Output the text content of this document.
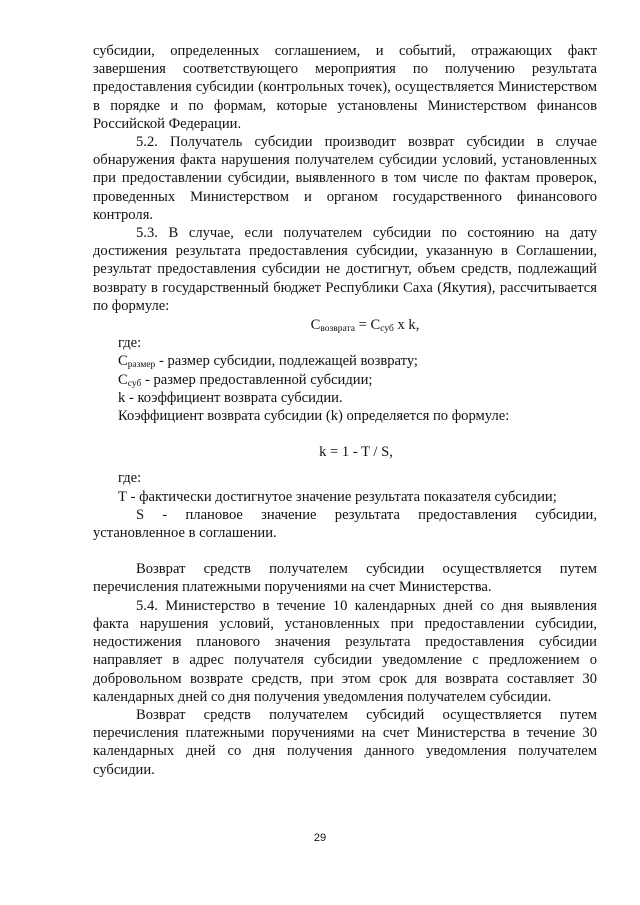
субсидии, определенных соглашением, и событий, отражающих факт завершения соответствующего мероприятия по получению результата предоставления субсидии (контрольных точек), осуществляется Министерством в порядке и по формам, которые установлены Министерством финансов Российской Федерации.

5.2. Получатель субсидии производит возврат субсидии в случае обнаружения факта нарушения получателем субсидии условий, установленных при предоставлении субсидии, выявленного в том числе по фактам проверок, проведенных Министерством и органом государственного финансового контроля.

5.3. В случае, если получателем субсидии по состоянию на дату достижения результата предоставления субсидии, указанную в Соглашении, результат предоставления субсидии не достигнут, объем средств, подлежащий возврату в государственный бюджет Республики Саха (Якутия), рассчитывается по формуле:

$С_{возврата} = С_{суб}$ x k,

где:

$С_{размер}$ - размер субсидии, подлежащей возврату;

$С_{суб}$ - размер предоставленной субсидии;

k - коэффициент возврата субсидии.

Коэффициент возврата субсидии (k) определяется по формуле:

k = 1 - T / S,

где:

Т - фактически достигнутое значение результата показателя субсидии;

S - плановое значение результата предоставления субсидии, установленное в соглашении.

Возврат средств получателем субсидии осуществляется путем перечисления платежными поручениями на счет Министерства.

5.4. Министерство в течение 10 календарных дней со дня выявления факта нарушения условий, установленных при предоставлении субсидии, недостижения планового значения результата предоставления субсидии направляет в адрес получателя субсидии уведомление с предложением о добровольном возврате средств, при этом срок для возврата составляет 30 календарных дней со дня получения уведомления получателем субсидии.

Возврат средств получателем субсидий осуществляется путем перечисления платежными поручениями на счет Министерства в течение 30 календарных дней со дня получения данного уведомления получателем субсидии.

29
